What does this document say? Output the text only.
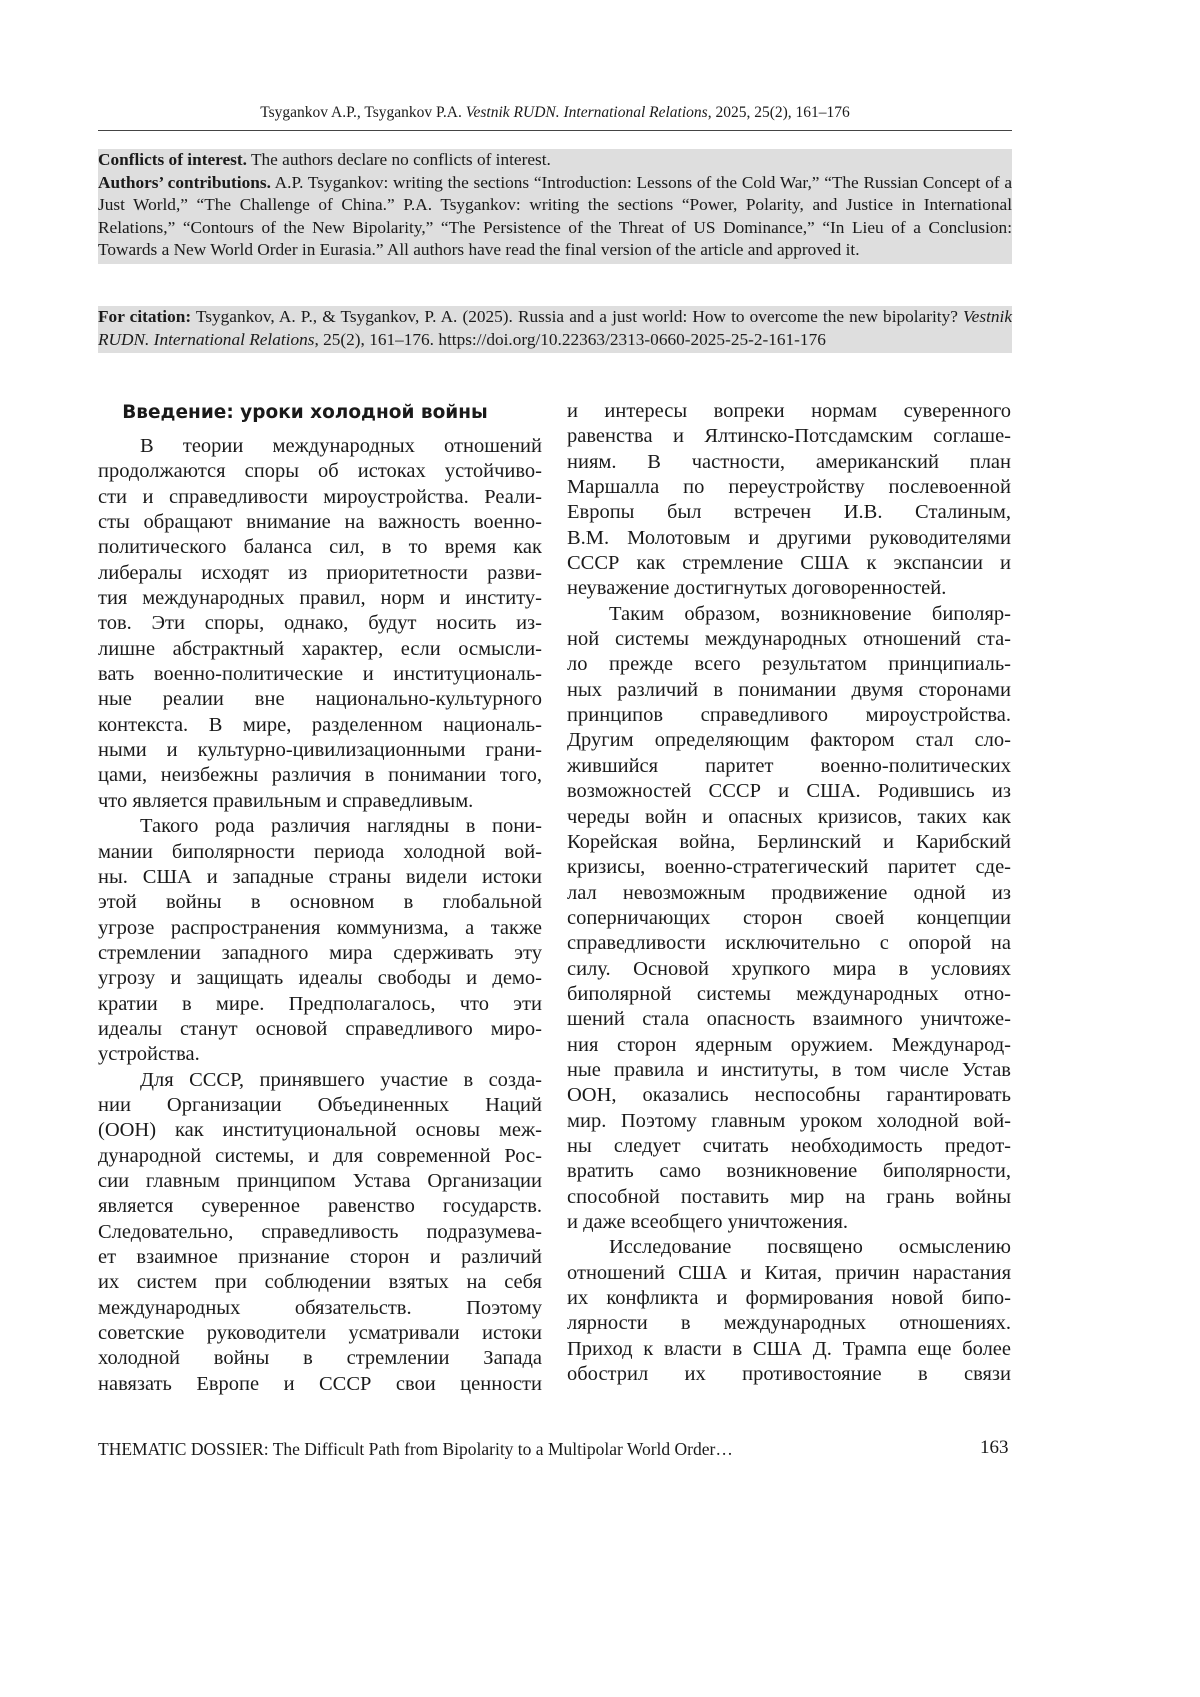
Tsygankov A.P., Tsygankov P.A. Vestnik RUDN. International Relations, 2025, 25(2), 161–176
Conflicts of interest. The authors declare no conflicts of interest.
Authors’ contributions. A.P. Tsygankov: writing the sections “Introduction: Lessons of the Cold War,” “The Russian Concept of a Just World,” “The Challenge of China.” P.A. Tsygankov: writing the sections “Power, Polarity, and Justice in International Relations,” “Contours of the New Bipolarity,” “The Persistence of the Threat of US Dominance,” “In Lieu of a Conclusion: Towards a New World Order in Eurasia.” All authors have read the final version of the article and approved it.
For citation: Tsygankov, A. P., & Tsygankov, P. A. (2025). Russia and a just world: How to overcome the new bipolarity? Vestnik RUDN. International Relations, 25(2), 161–176. https://doi.org/10.22363/2313-0660-2025-25-2-161-176
Введение: уроки холодной войны
В теории международных отношений
продолжаются споры об истоках устойчиво-
сти и справедливости мироустройства. Реали-
сты обращают внимание на важность военно-
политического баланса сил, в то время как
либералы исходят из приоритетности разви-
тия международных правил, норм и институ-
тов. Эти споры, однако, будут носить из-
лишне абстрактный характер, если осмысли-
вать военно-политические и институциональ-
ные реалии вне национально-культурного
контекста. В мире, разделенном националь-
ными и культурно-цивилизационными грани-
цами, неизбежны различия в понимании того,
что является правильным и справедливым.
Такого рода различия наглядны в пони-
мании биполярности периода холодной вой-
ны. США и западные страны видели истоки
этой войны в основном в глобальной
угрозе распространения коммунизма, а также
стремлении западного мира сдерживать эту
угрозу и защищать идеалы свободы и демо-
кратии в мире. Предполагалось, что эти
идеалы станут основой справедливого миро-
устройства.
Для СССР, принявшего участие в созда-
нии Организации Объединенных Наций
(ООН) как институциональной основы меж-
дународной системы, и для современной Рос-
сии главным принципом Устава Организации
является суверенное равенство государств.
Следовательно, справедливость подразумева-
ет взаимное признание сторон и различий
их систем при соблюдении взятых на себя
международных обязательств. Поэтому
советские руководители усматривали истоки
холодной войны в стремлении Запада
навязать Европе и СССР свои ценности
и интересы вопреки нормам суверенного
равенства и Ялтинско-Потсдамским соглаше-
ниям. В частности, американский план
Маршалла по переустройству послевоенной
Европы был встречен И.В. Сталиным,
В.М. Молотовым и другими руководителями
СССР как стремление США к экспансии и
неуважение достигнутых договоренностей.
Таким образом, возникновение биполяр-
ной системы международных отношений ста-
ло прежде всего результатом принципиаль-
ных различий в понимании двумя сторонами
принципов справедливого мироустройства.
Другим определяющим фактором стал сло-
жившийся паритет военно-политических
возможностей СССР и США. Родившись из
череды войн и опасных кризисов, таких как
Корейская война, Берлинский и Карибский
кризисы, военно-стратегический паритет сде-
лал невозможным продвижение одной из
соперничающих сторон своей концепции
справедливости исключительно с опорой на
силу. Основой хрупкого мира в условиях
биполярной системы международных отно-
шений стала опасность взаимного уничтоже-
ния сторон ядерным оружием. Международ-
ные правила и институты, в том числе Устав
ООН, оказались неспособны гарантировать
мир. Поэтому главным уроком холодной вой-
ны следует считать необходимость предот-
вратить само возникновение биполярности,
способной поставить мир на грань войны
и даже всеобщего уничтожения.
Исследование посвящено осмыслению
отношений США и Китая, причин нарастания
их конфликта и формирования новой бипо-
лярности в международных отношениях.
Приход к власти в США Д. Трампа еще более
обострил их противостояние в связи
THEMATIC DOSSIER: The Difficult Path from Bipolarity to a Multipolar World Order…	163
